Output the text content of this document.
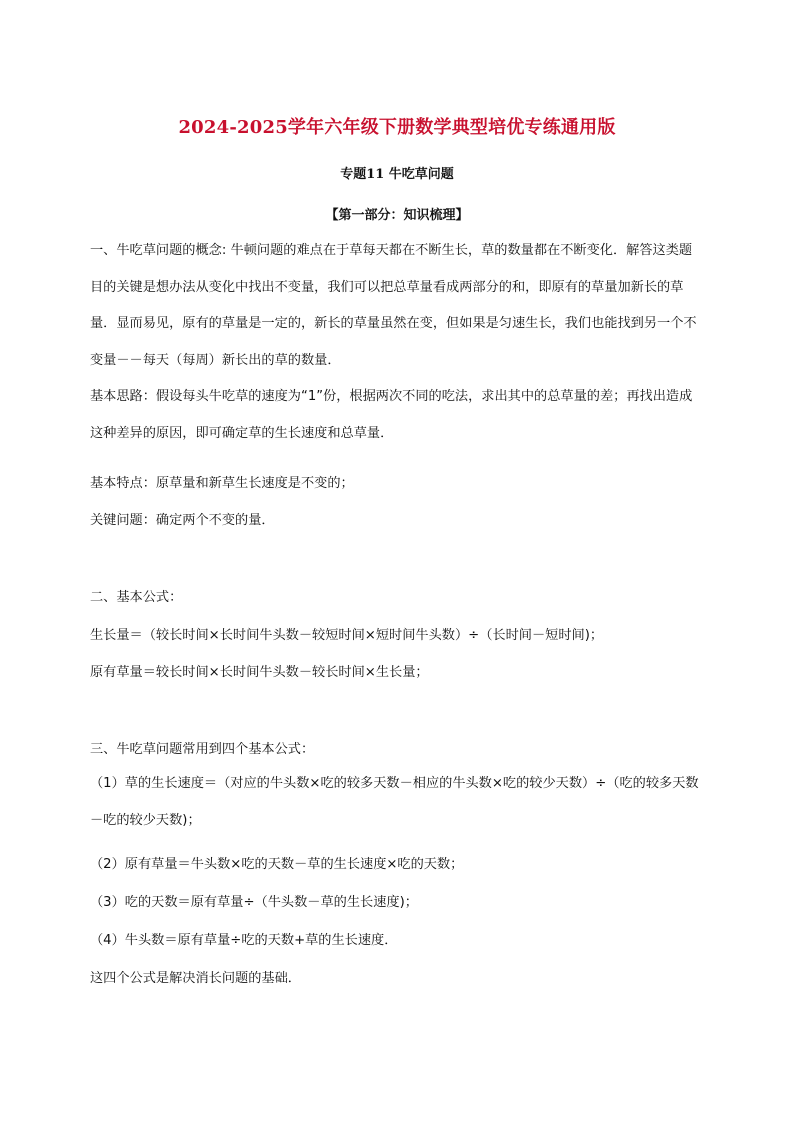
2024-2025学年六年级下册数学典型培优专练通用版
专题11 牛吃草问题
【第一部分：知识梳理】
一、牛吃草问题的概念: 牛顿问题的难点在于草每天都在不断生长，草的数量都在不断变化．解答这类题目的关键是想办法从变化中找出不变量，我们可以把总草量看成两部分的和，即原有的草量加新长的草量．显而易见，原有的草量是一定的，新长的草量虽然在变，但如果是匀速生长，我们也能找到另一个不变量－－每天（每周）新长出的草的数量．
基本思路：假设每头牛吃草的速度为“1”份，根据两次不同的吃法，求出其中的总草量的差；再找出造成这种差异的原因，即可确定草的生长速度和总草量．
基本特点：原草量和新草生长速度是不变的；
关键问题：确定两个不变的量．
二、基本公式：
生长量＝（较长时间×长时间牛头数－较短时间×短时间牛头数）÷（长时间－短时间)；
原有草量＝较长时间×长时间牛头数－较长时间×生长量；
三、牛吃草问题常用到四个基本公式：
（1）草的生长速度＝（对应的牛头数×吃的较多天数－相应的牛头数×吃的较少天数）÷（吃的较多天数－吃的较少天数)；
（2）原有草量＝牛头数×吃的天数－草的生长速度×吃的天数；
（3）吃的天数＝原有草量÷（牛头数－草的生长速度)；
（4）牛头数＝原有草量÷吃的天数+草的生长速度．
这四个公式是解决消长问题的基础．
